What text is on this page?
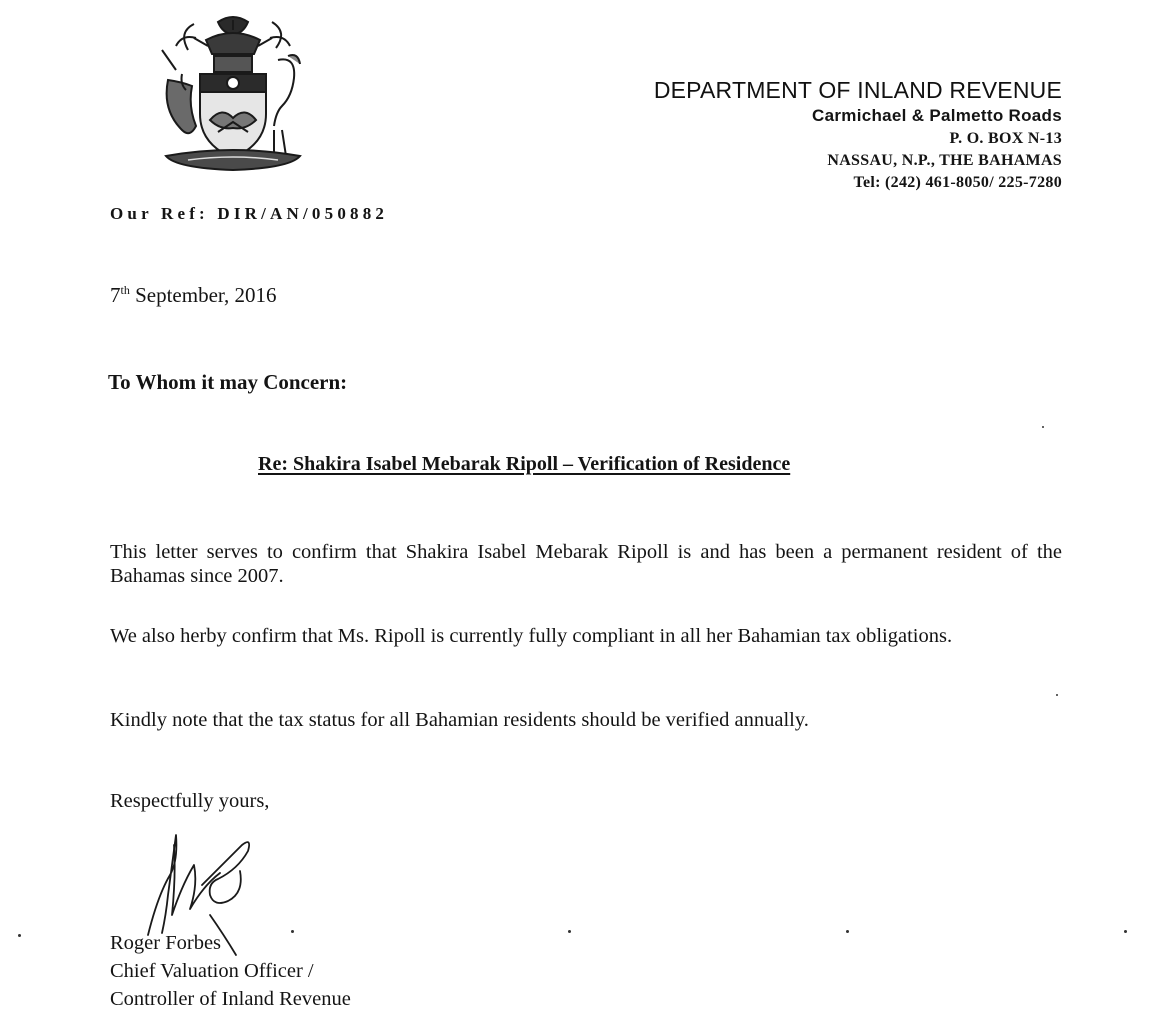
DEPARTMENT OF INLAND REVENUE
Carmichael & Palmetto Roads
P. O. BOX N-13
NASSAU, N.P., THE BAHAMAS
Tel: (242) 461-8050/ 225-7280
Our Ref: DIR/AN/050882
7th September, 2016
To Whom it may Concern:
Re: Shakira Isabel Mebarak Ripoll – Verification of Residence
This letter serves to confirm that Shakira Isabel Mebarak Ripoll is and has been a permanent resident of the Bahamas since 2007.
We also herby confirm that Ms. Ripoll is currently fully compliant in all her Bahamian tax obligations.
Kindly note that the tax status for all Bahamian residents should be verified annually.
Respectfully yours,
Roger Forbes
Chief Valuation Officer /
Controller of Inland Revenue
